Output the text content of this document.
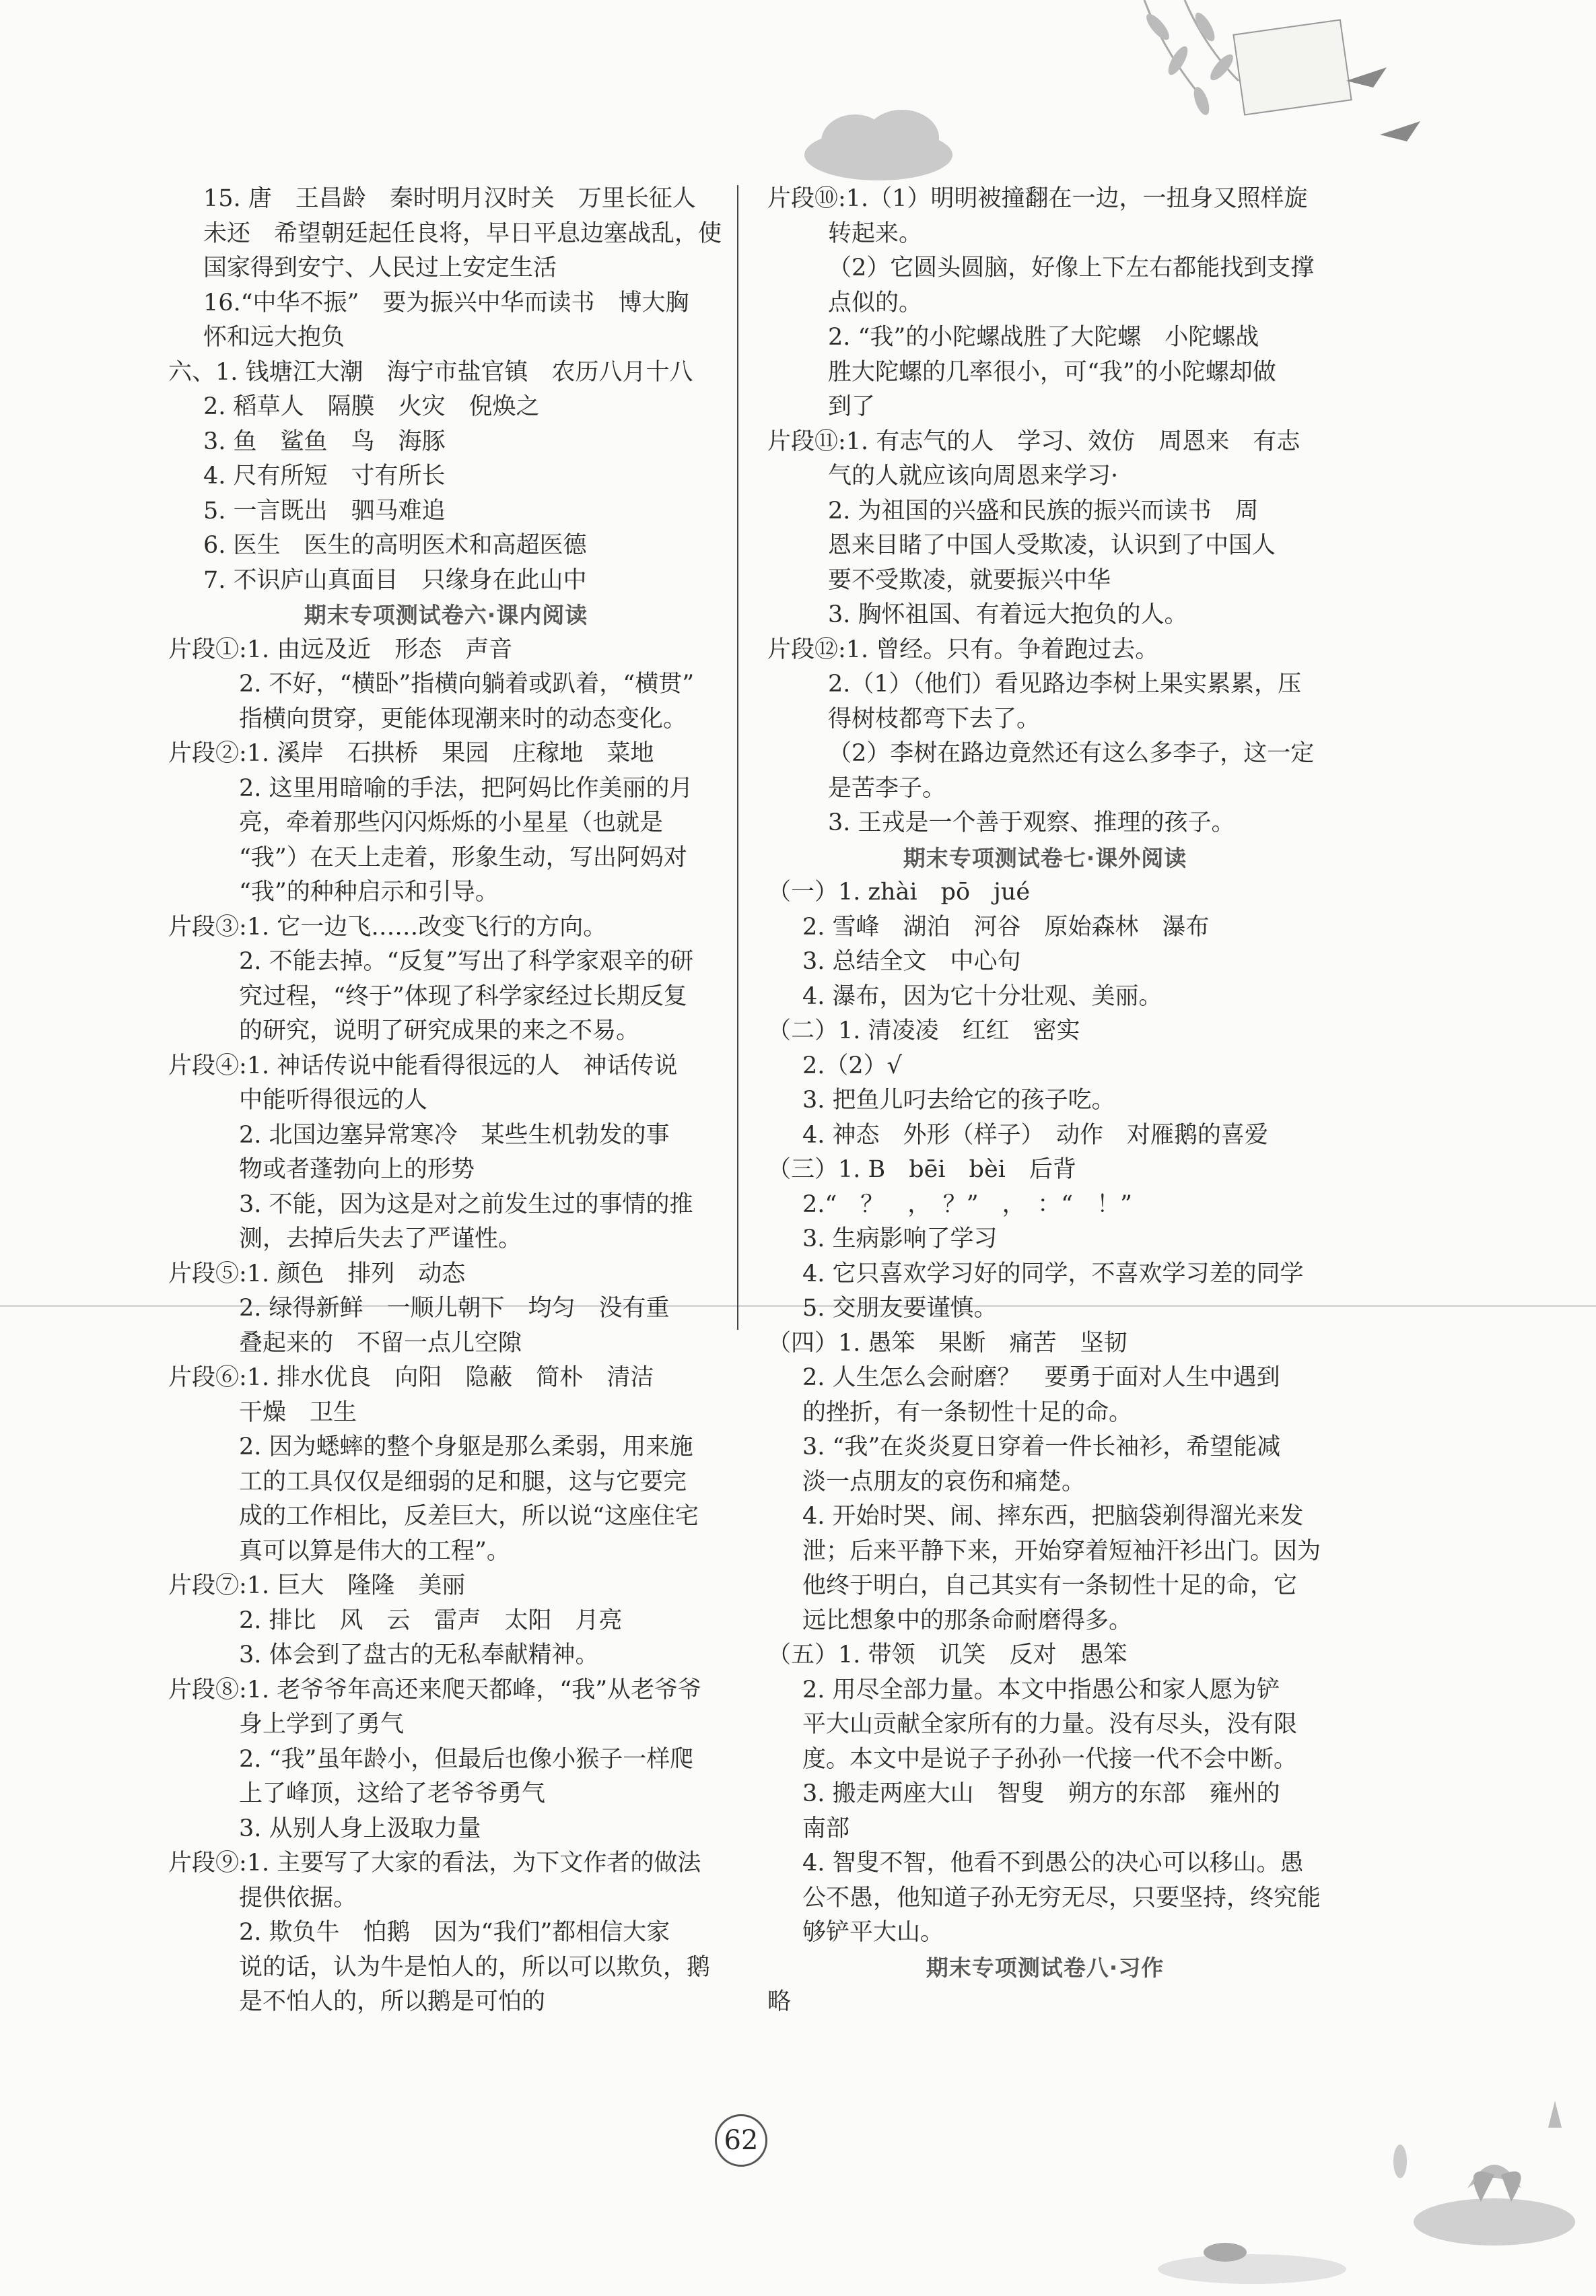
15. 唐　王昌龄　秦时明月汉时关　万里长征人
未还　希望朝廷起任良将，早日平息边塞战乱，使
国家得到安宁、人民过上安定生活
16.“中华不振”　要为振兴中华而读书　博大胸
怀和远大抱负
六、1. 钱塘江大潮　海宁市盐官镇　农历八月十八
2. 稻草人　隔膜　火灾　倪焕之
3. 鱼　鲨鱼　鸟　海豚
4. 尺有所短　寸有所长
5. 一言既出　驷马难追
6. 医生　医生的高明医术和高超医德
7. 不识庐山真面目　只缘身在此山中
期末专项测试卷六·课内阅读
片段①:1. 由远及近　形态　声音
2. 不好，“横卧”指横向躺着或趴着，“横贯”
指横向贯穿，更能体现潮来时的动态变化。
片段②:1. 溪岸　石拱桥　果园　庄稼地　菜地
2. 这里用暗喻的手法，把阿妈比作美丽的月
亮，牵着那些闪闪烁烁的小星星（也就是
“我”）在天上走着，形象生动，写出阿妈对
“我”的种种启示和引导。
片段③:1. 它一边飞……改变飞行的方向。
2. 不能去掉。“反复”写出了科学家艰辛的研
究过程，“终于”体现了科学家经过长期反复
的研究，说明了研究成果的来之不易。
片段④:1. 神话传说中能看得很远的人　神话传说
中能听得很远的人
2. 北国边塞异常寒冷　某些生机勃发的事
物或者蓬勃向上的形势
3. 不能，因为这是对之前发生过的事情的推
测，去掉后失去了严谨性。
片段⑤:1. 颜色　排列　动态
2. 绿得新鲜　一顺儿朝下　均匀　没有重
叠起来的　不留一点儿空隙
片段⑥:1. 排水优良　向阳　隐蔽　简朴　清洁
干燥　卫生
2. 因为蟋蟀的整个身躯是那么柔弱，用来施
工的工具仅仅是细弱的足和腿，这与它要完
成的工作相比，反差巨大，所以说“这座住宅
真可以算是伟大的工程”。
片段⑦:1. 巨大　隆隆　美丽
2. 排比　风　云　雷声　太阳　月亮
3. 体会到了盘古的无私奉献精神。
片段⑧:1. 老爷爷年高还来爬天都峰，“我”从老爷爷
身上学到了勇气
2. “我”虽年龄小，但最后也像小猴子一样爬
上了峰顶，这给了老爷爷勇气
3. 从别人身上汲取力量
片段⑨:1. 主要写了大家的看法，为下文作者的做法
提供依据。
2. 欺负牛　怕鹅　因为“我们”都相信大家
说的话，认为牛是怕人的，所以可以欺负，鹅
是不怕人的，所以鹅是可怕的
片段⑩:1.（1）明明被撞翻在一边，一扭身又照样旋
转起来。
（2）它圆头圆脑，好像上下左右都能找到支撑
点似的。
2. “我”的小陀螺战胜了大陀螺　小陀螺战
胜大陀螺的几率很小，可“我”的小陀螺却做
到了
片段⑪:1. 有志气的人　学习、效仿　周恩来　有志
气的人就应该向周恩来学习·
2. 为祖国的兴盛和民族的振兴而读书　周
恩来目睹了中国人受欺凌，认识到了中国人
要不受欺凌，就要振兴中华
3. 胸怀祖国、有着远大抱负的人。
片段⑫:1. 曾经。只有。争着跑过去。
2.（1）（他们）看见路边李树上果实累累，压
得树枝都弯下去了。
（2）李树在路边竟然还有这么多李子，这一定
是苦李子。
3. 王戎是一个善于观察、推理的孩子。
期末专项测试卷七·课外阅读
（一）1. zhài　pō　jué
2. 雪峰　湖泊　河谷　原始森林　瀑布
3. 总结全文　中心句
4. 瀑布，因为它十分壮观、美丽。
（二）1. 清凌凌　红红　密实
2.（2）√
3. 把鱼儿叼去给它的孩子吃。
4. 神态　外形（样子）　动作　对雁鹅的喜爱
（三）1. B　bēi　bèi　后背
2.“　？　，　？”　，　：“　！”
3. 生病影响了学习
4. 它只喜欢学习好的同学，不喜欢学习差的同学
5. 交朋友要谨慎。
（四）1. 愚笨　果断　痛苦　坚韧
2. 人生怎么会耐磨？　要勇于面对人生中遇到
的挫折，有一条韧性十足的命。
3. “我”在炎炎夏日穿着一件长袖衫，希望能减
淡一点朋友的哀伤和痛楚。
4. 开始时哭、闹、摔东西，把脑袋剃得溜光来发
泄；后来平静下来，开始穿着短袖汗衫出门。因为
他终于明白，自己其实有一条韧性十足的命，它
远比想象中的那条命耐磨得多。
（五）1. 带领　讥笑　反对　愚笨
2. 用尽全部力量。本文中指愚公和家人愿为铲
平大山贡献全家所有的力量。没有尽头，没有限
度。本文中是说子子孙孙一代接一代不会中断。
3. 搬走两座大山　智叟　朔方的东部　雍州的
南部
4. 智叟不智，他看不到愚公的决心可以移山。愚
公不愚，他知道子孙无穷无尽，只要坚持，终究能
够铲平大山。
期末专项测试卷八·习作
略
62
